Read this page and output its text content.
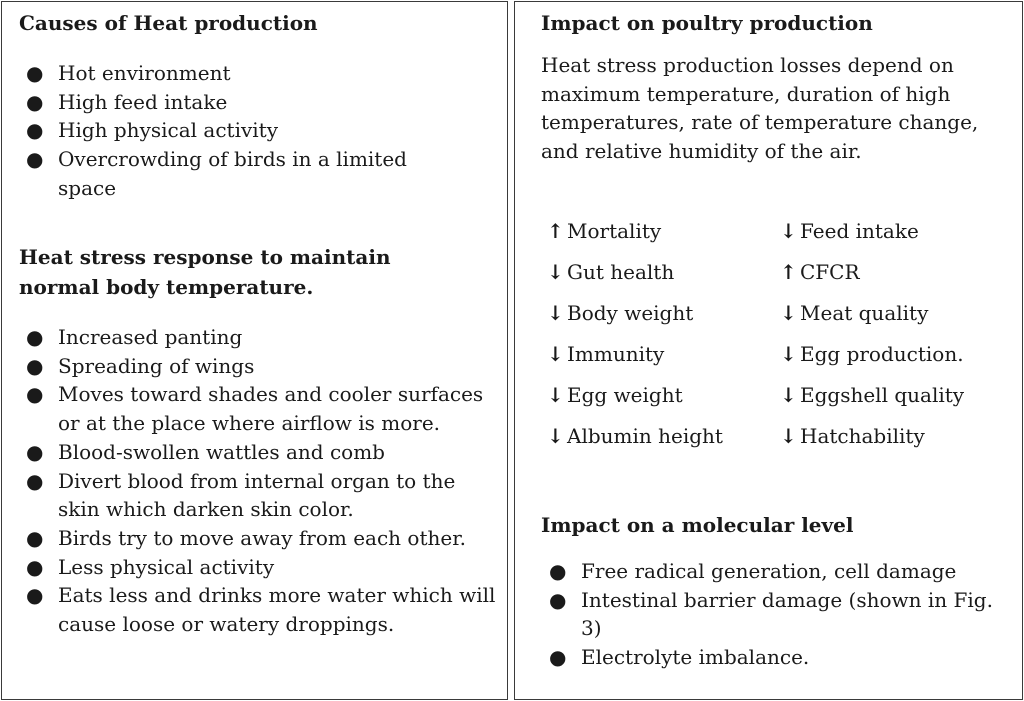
Causes of Heat production
● Hot environment
● High feed intake
● High physical activity
● Overcrowding of birds in a limited space
Heat stress response to maintain normal body temperature.
● Increased panting
● Spreading of wings
● Moves toward shades and cooler surfaces or at the place where airflow is more.
● Blood-swollen wattles and comb
● Divert blood from internal organ to the skin which darken skin color.
● Birds try to move away from each other.
● Less physical activity
● Eats less and drinks more water which will cause loose or watery droppings.
Impact on poultry production

Heat stress production losses depend on maximum temperature, duration of high temperatures, rate of temperature change, and relative humidity of the air.

↑ Mortality	↓ Feed intake
↓ Gut health	↑ CFCR
↓ Body weight	↓ Meat quality
↓ Immunity	↓ Egg production.
↓ Egg weight	↓ Eggshell quality
↓ Albumin height	↓ Hatchability
Impact on a molecular level
● Free radical generation, cell damage
● Intestinal barrier damage (shown in Fig. 3)
● Electrolyte imbalance.
